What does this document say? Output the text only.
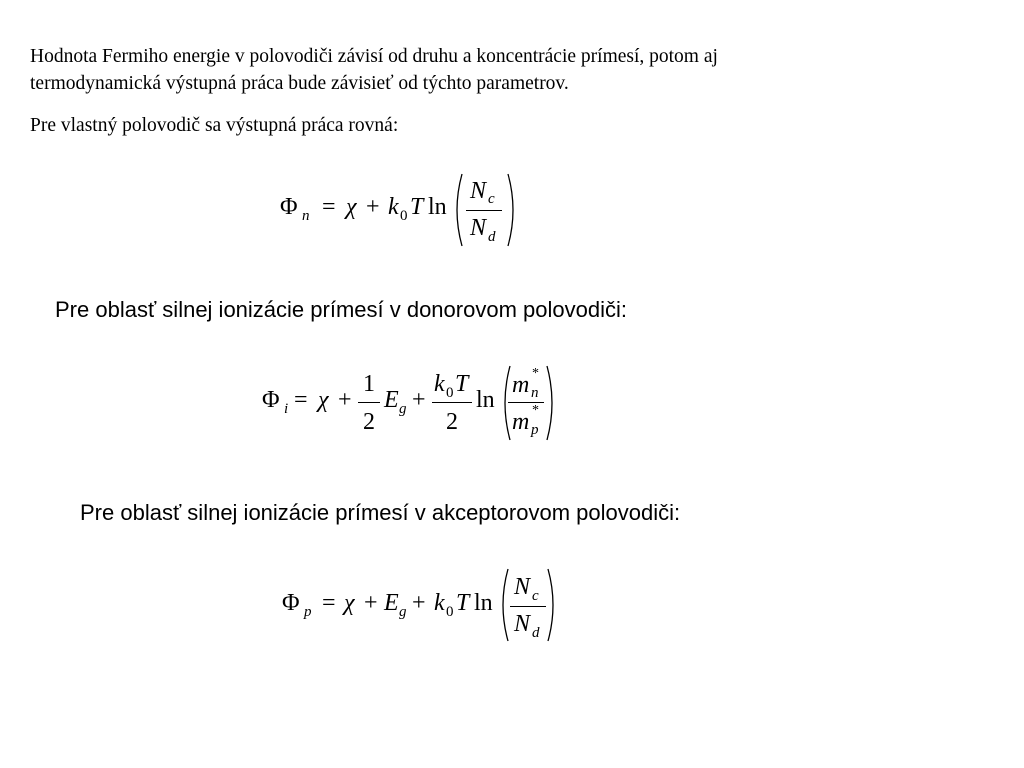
Hodnota Fermiho energie v polovodiči závisí od druhu a koncentrácie prímesí, potom aj

termodynamická výstupná práca bude závisieť od týchto parametrov.

Pre vlastný polovodič sa výstupná práca rovná:

Φ n = χ + k 0 T ln
N c
N d

Pre oblasť silnej ionizácie prímesí v donorovom polovodiči:

Φ i = χ +
1
2
E g +
k 0 T
2
ln
m *
n
m *
p

Pre oblasť silnej ionizácie prímesí v akceptorovom polovodiči:

Φ p = χ + E g + k 0 T ln
N c
N d
